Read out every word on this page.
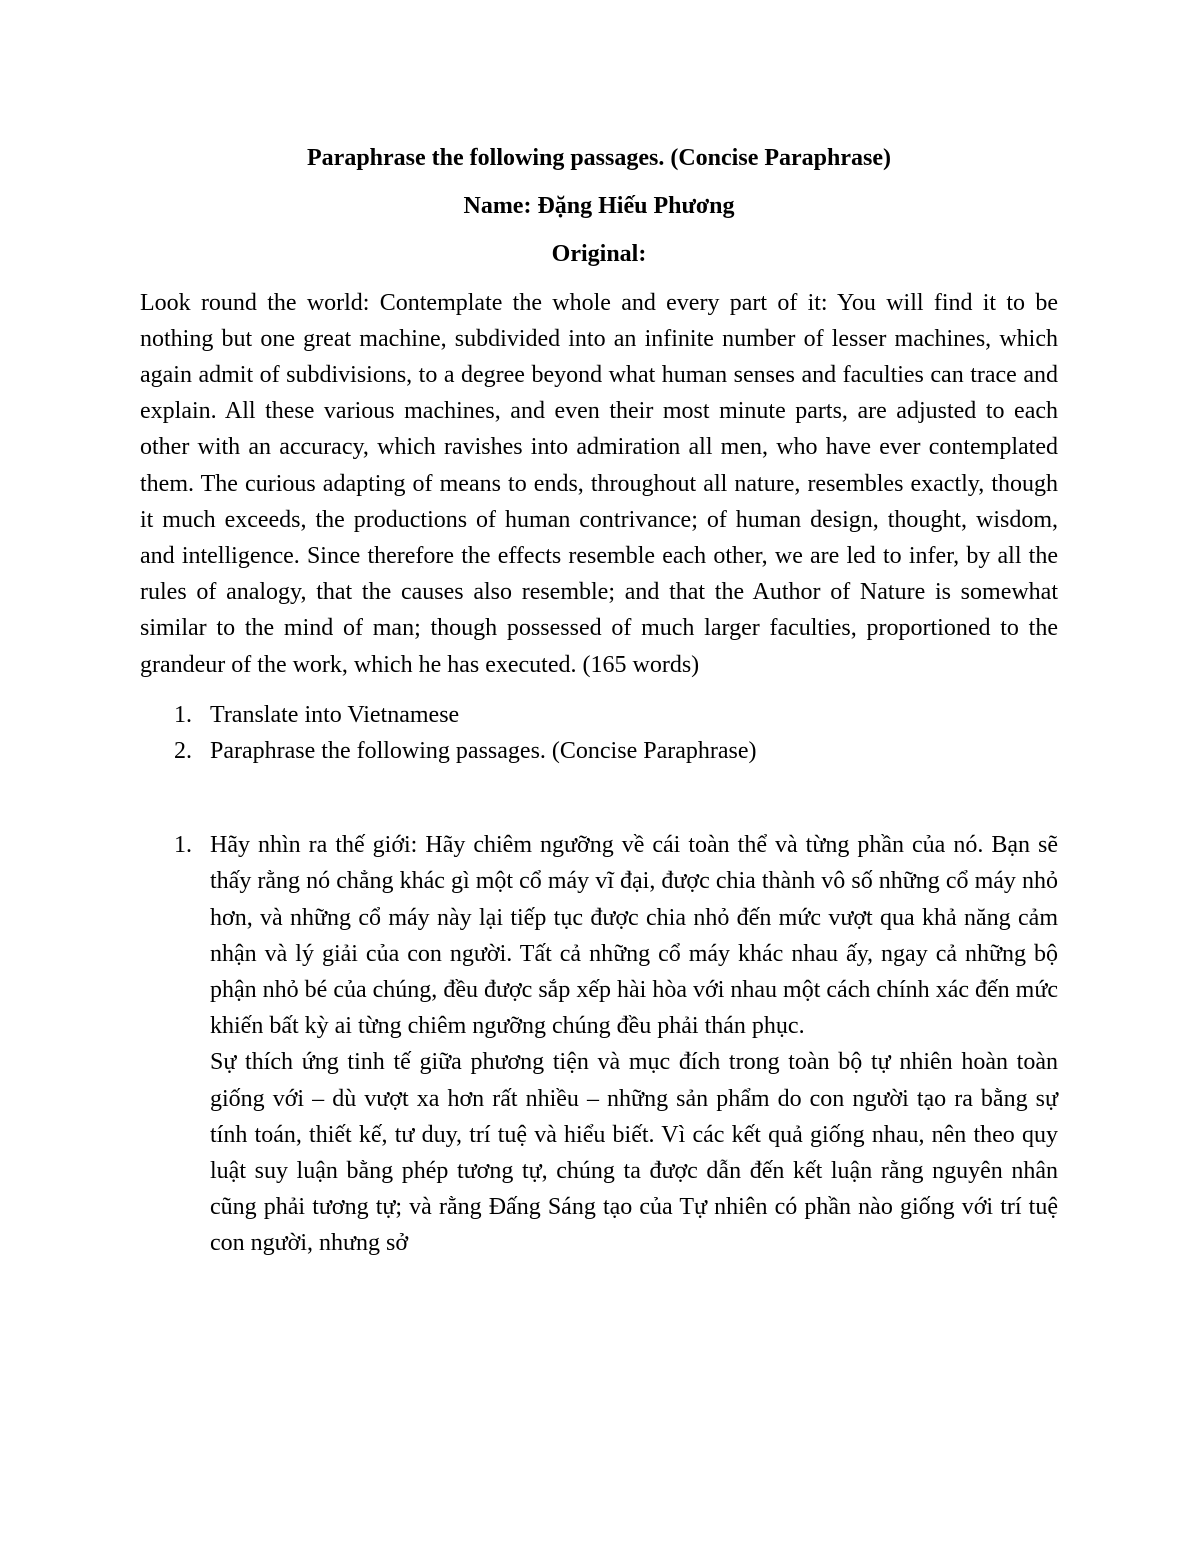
Paraphrase the following passages. (Concise Paraphrase)

Name: Đặng Hiếu Phương

Original:

Look round the world: Contemplate the whole and every part of it: You will find it to be nothing but one great machine, subdivided into an infinite number of lesser machines, which again admit of subdivisions, to a degree beyond what human senses and faculties can trace and explain. All these various machines, and even their most minute parts, are adjusted to each other with an accuracy, which ravishes into admiration all men, who have ever contemplated them. The curious adapting of means to ends, throughout all nature, resembles exactly, though it much exceeds, the productions of human contrivance; of human design, thought, wisdom, and intelligence. Since therefore the effects resemble each other, we are led to infer, by all the rules of analogy, that the causes also resemble; and that the Author of Nature is somewhat similar to the mind of man; though possessed of much larger faculties, proportioned to the grandeur of the work, which he has executed. (165 words)

1. Translate into Vietnamese
2. Paraphrase the following passages. (Concise Paraphrase)
1. Hãy nhìn ra thế giới: Hãy chiêm ngưỡng về cái toàn thể và từng phần của nó. Bạn sẽ thấy rằng nó chẳng khác gì một cổ máy vĩ đại, được chia thành vô số những cổ máy nhỏ hơn, và những cổ máy này lại tiếp tục được chia nhỏ đến mức vượt qua khả năng cảm nhận và lý giải của con người. Tất cả những cổ máy khác nhau ấy, ngay cả những bộ phận nhỏ bé của chúng, đều được sắp xếp hài hòa với nhau một cách chính xác đến mức khiến bất kỳ ai từng chiêm ngưỡng chúng đều phải thán phục.

Sự thích ứng tinh tế giữa phương tiện và mục đích trong toàn bộ tự nhiên hoàn toàn giống với – dù vượt xa hơn rất nhiều – những sản phẩm do con người tạo ra bằng sự tính toán, thiết kế, tư duy, trí tuệ và hiểu biết. Vì các kết quả giống nhau, nên theo quy luật suy luận bằng phép tương tự, chúng ta được dẫn đến kết luận rằng nguyên nhân cũng phải tương tự; và rằng Đấng Sáng tạo của Tự nhiên có phần nào giống với trí tuệ con người, nhưng sở
